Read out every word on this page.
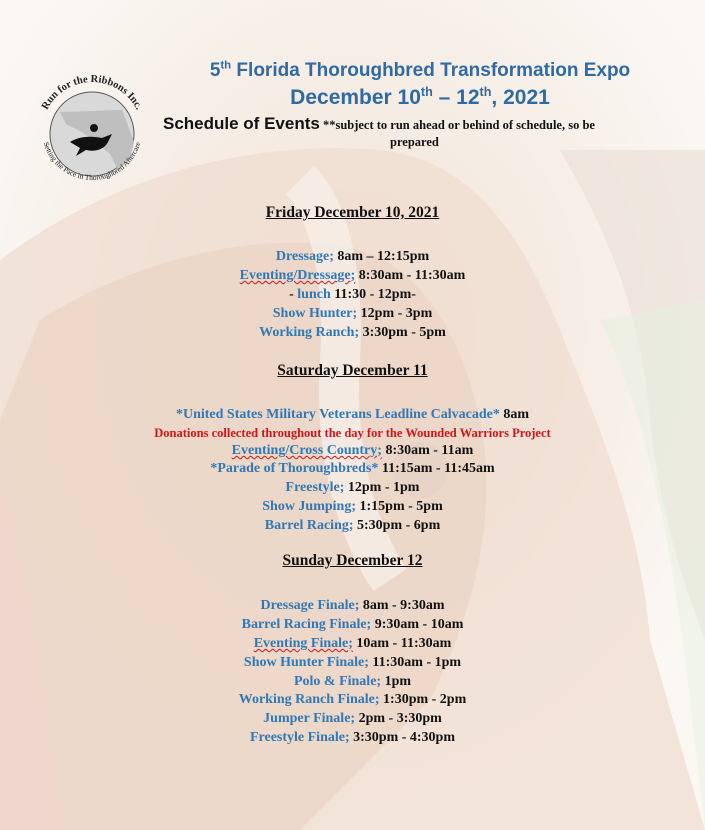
Run for the Ribbons Inc.
Setting the Pace in Thoroughbred Aftercare
5th Florida Thoroughbred Transformation Expo
December 10th – 12th, 2021
Schedule of Events **subject to run ahead or behind of schedule, so be
prepared
Friday December 10, 2021
Dressage; 8am – 12:15pm
Eventing/Dressage; 8:30am - 11:30am
- lunch 11:30 - 12pm-
Show Hunter; 12pm - 3pm
Working Ranch; 3:30pm - 5pm
Saturday December 11
*United States Military Veterans Leadline Calvacade* 8am
Donations collected throughout the day for the Wounded Warriors Project
Eventing/Cross Country; 8:30am - 11am
*Parade of Thoroughbreds* 11:15am - 11:45am
Freestyle; 12pm - 1pm
Show Jumping; 1:15pm - 5pm
Barrel Racing; 5:30pm - 6pm
Sunday December 12
Dressage Finale; 8am - 9:30am
Barrel Racing Finale; 9:30am - 10am
Eventing Finale; 10am - 11:30am
Show Hunter Finale; 11:30am - 1pm
Polo & Finale; 1pm
Working Ranch Finale; 1:30pm - 2pm
Jumper Finale; 2pm - 3:30pm
Freestyle Finale; 3:30pm - 4:30pm
